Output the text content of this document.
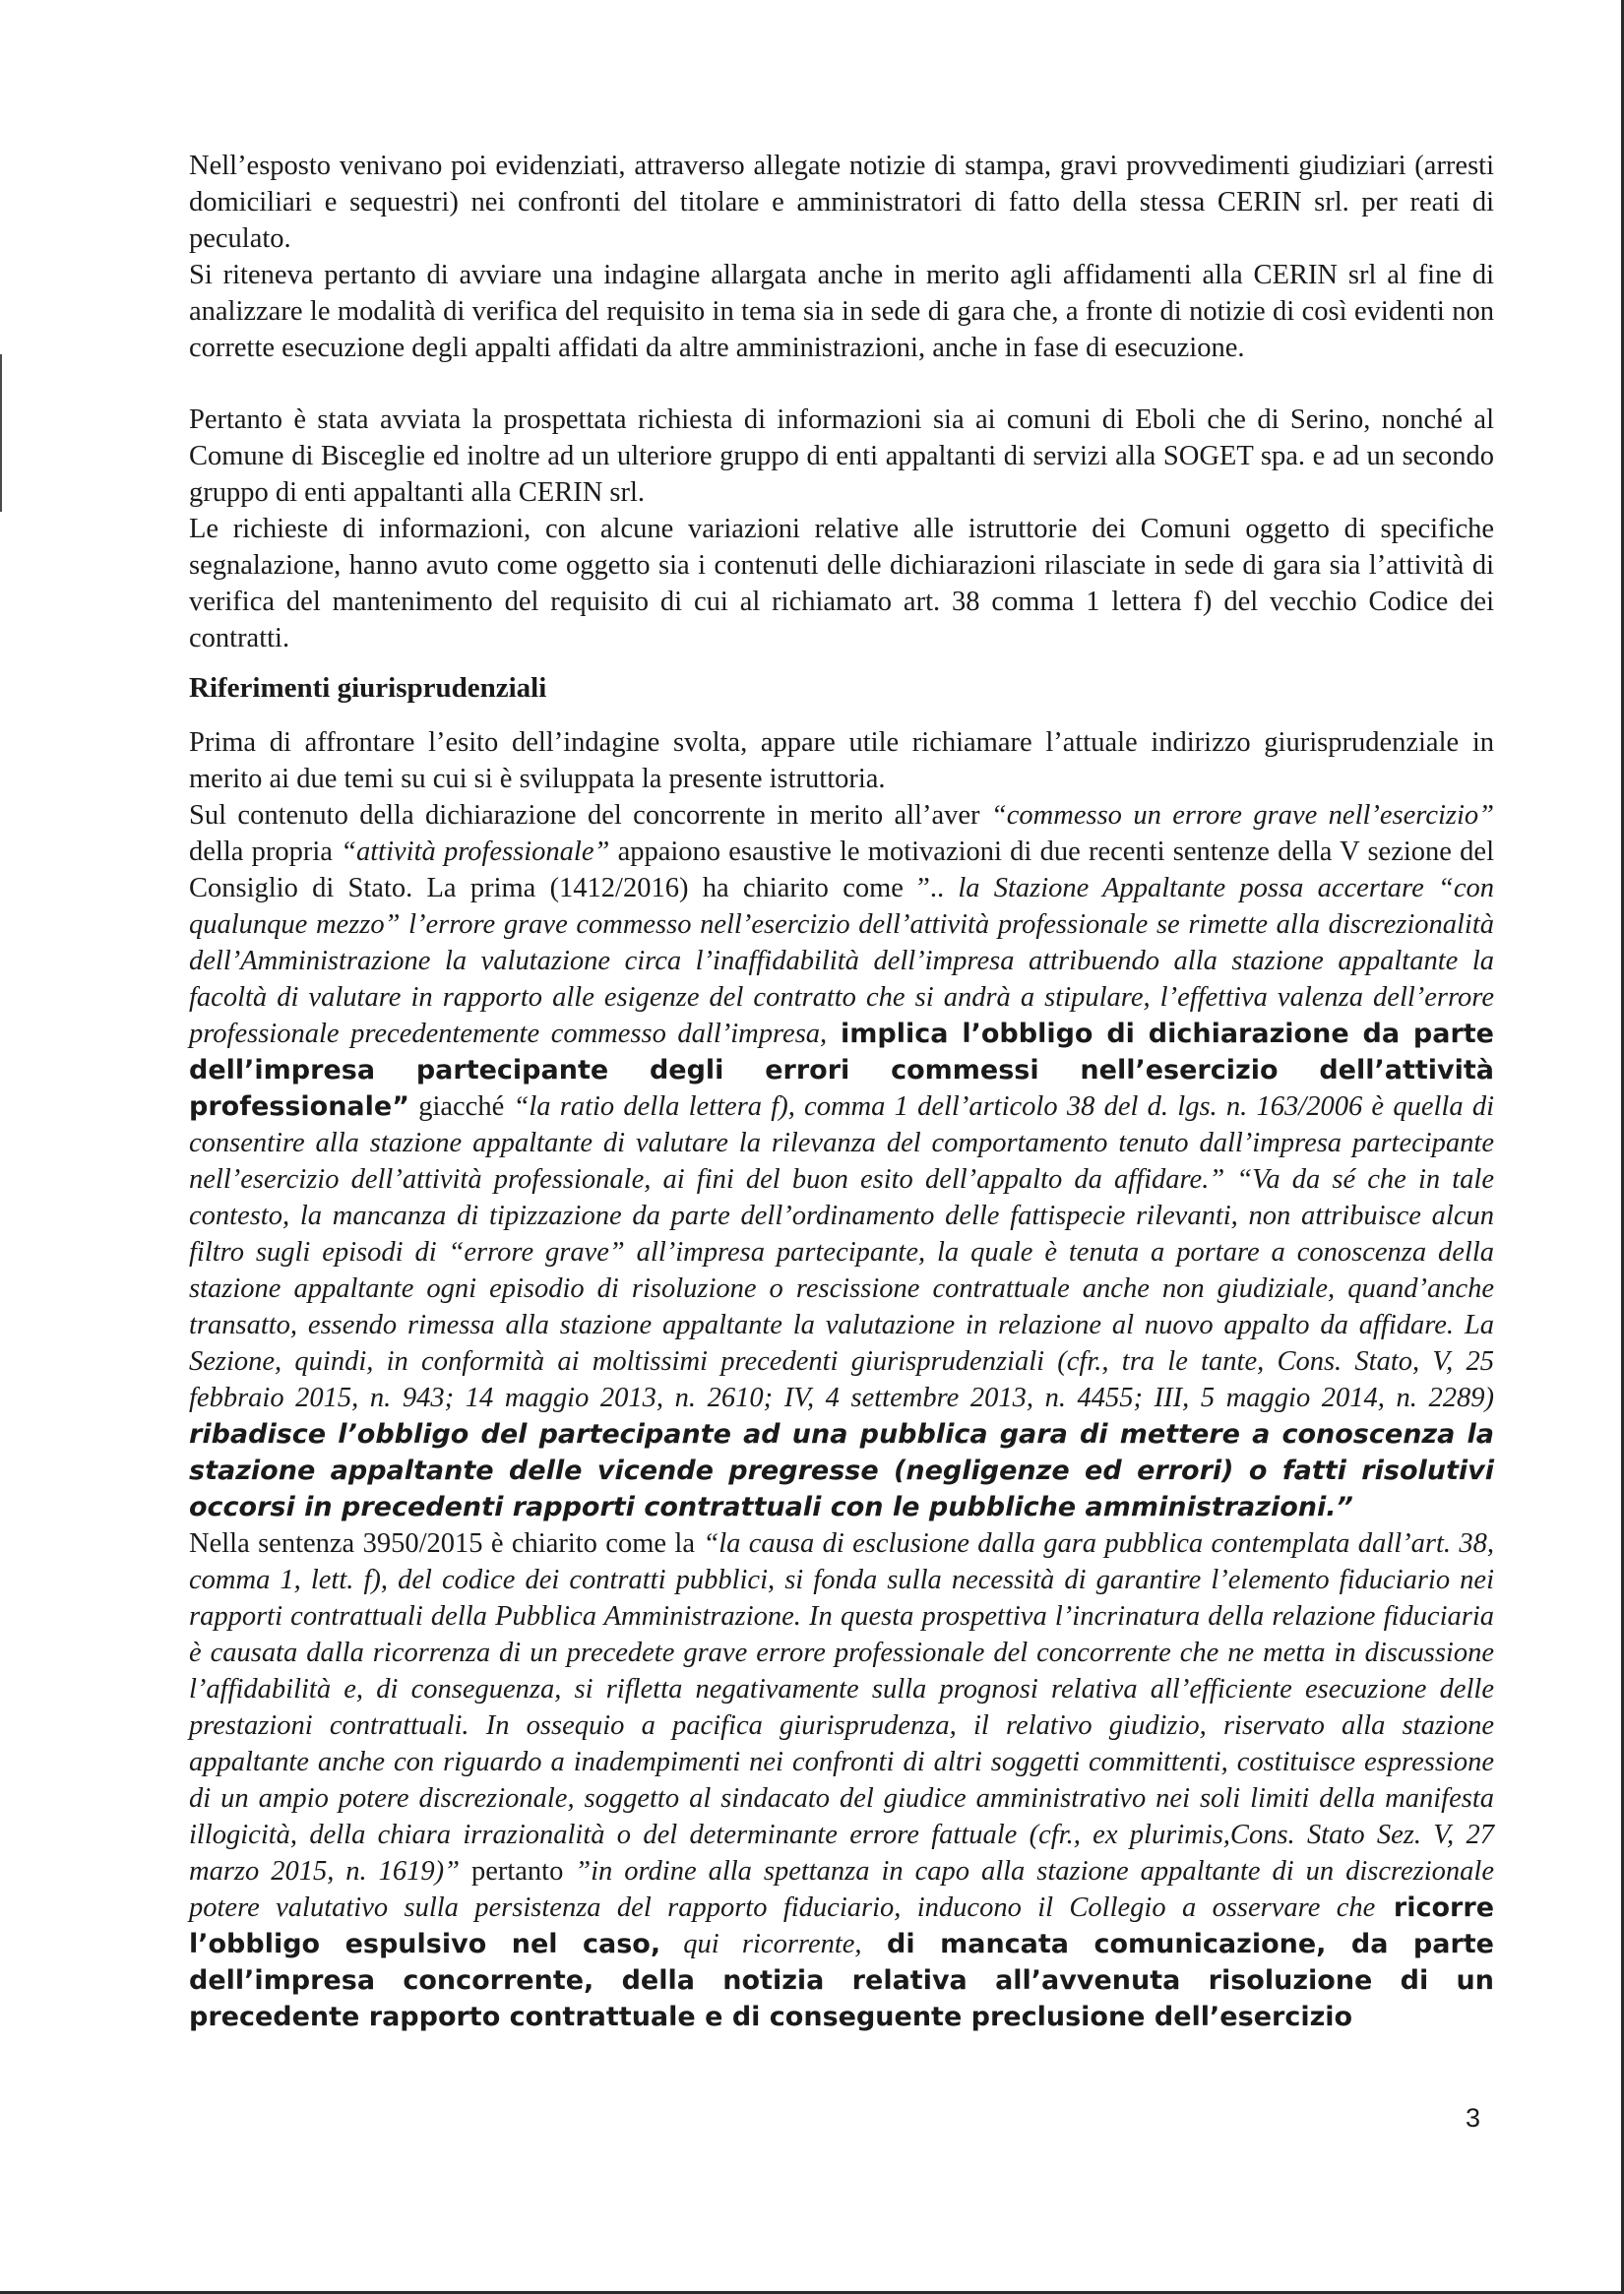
Nell’esposto venivano poi evidenziati, attraverso allegate notizie di stampa, gravi provvedimenti giudiziari (arresti domiciliari e sequestri) nei confronti del titolare e amministratori di fatto della stessa CERIN srl. per reati di peculato.

Si riteneva pertanto di avviare una indagine allargata anche in merito agli affidamenti alla CERIN srl al fine di analizzare le modalità di verifica del requisito in tema sia in sede di gara che, a fronte di notizie di così evidenti non corrette esecuzione degli appalti affidati da altre amministrazioni, anche in fase di esecuzione.

Pertanto è stata avviata la prospettata richiesta di informazioni sia ai comuni di Eboli che di Serino, nonché al Comune di Bisceglie ed inoltre ad un ulteriore gruppo di enti appaltanti di servizi alla SOGET spa. e ad un secondo gruppo di enti appaltanti alla CERIN srl.

Le richieste di informazioni, con alcune variazioni relative alle istruttorie dei Comuni oggetto di specifiche segnalazione, hanno avuto come oggetto sia i contenuti delle dichiarazioni rilasciate in sede di gara sia l’attività di verifica del mantenimento del requisito di cui al richiamato art. 38 comma 1 lettera f) del vecchio Codice dei contratti.

Riferimenti giurisprudenziali

Prima di affrontare l’esito dell’indagine svolta, appare utile richiamare l’attuale indirizzo giurisprudenziale in merito ai due temi su cui si è sviluppata la presente istruttoria.

Sul contenuto della dichiarazione del concorrente in merito all’aver “commesso un errore grave nell’esercizio” della propria “attività professionale” appaiono esaustive le motivazioni di due recenti sentenze della V sezione del Consiglio di Stato. La prima (1412/2016) ha chiarito come ”.. la Stazione Appaltante possa accertare “con qualunque mezzo” l’errore grave commesso nell’esercizio dell’attività professionale se rimette alla discrezionalità dell’Amministrazione la valutazione circa l’inaffidabilità dell’impresa attribuendo alla stazione appaltante la facoltà di valutare in rapporto alle esigenze del contratto che si andrà a stipulare, l’effettiva valenza dell’errore professionale precedentemente commesso dall’impresa, implica l’obbligo di dichiarazione da parte dell’impresa partecipante degli errori commessi nell’esercizio dell’attività professionale” giacché “la ratio della lettera f), comma 1 dell’articolo 38 del d. lgs. n. 163/2006 è quella di consentire alla stazione appaltante di valutare la rilevanza del comportamento tenuto dall’impresa partecipante nell’esercizio dell’attività professionale, ai fini del buon esito dell’appalto da affidare.” “Va da sé che in tale contesto, la mancanza di tipizzazione da parte dell’ordinamento delle fattispecie rilevanti, non attribuisce alcun filtro sugli episodi di “errore grave” all’impresa partecipante, la quale è tenuta a portare a conoscenza della stazione appaltante ogni episodio di risoluzione o rescissione contrattuale anche non giudiziale, quand’anche transatto, essendo rimessa alla stazione appaltante la valutazione in relazione al nuovo appalto da affidare. La Sezione, quindi, in conformità ai moltissimi precedenti giurisprudenziali (cfr., tra le tante, Cons. Stato, V, 25 febbraio 2015, n. 943; 14 maggio 2013, n. 2610; IV, 4 settembre 2013, n. 4455; III, 5 maggio 2014, n. 2289) ribadisce l’obbligo del partecipante ad una pubblica gara di mettere a conoscenza la stazione appaltante delle vicende pregresse (negligenze ed errori) o fatti risolutivi occorsi in precedenti rapporti contrattuali con le pubbliche amministrazioni.”

Nella sentenza 3950/2015 è chiarito come la “la causa di esclusione dalla gara pubblica contemplata dall’art. 38, comma 1, lett. f), del codice dei contratti pubblici, si fonda sulla necessità di garantire l’elemento fiduciario nei rapporti contrattuali della Pubblica Amministrazione. In questa prospettiva l’incrinatura della relazione fiduciaria è causata dalla ricorrenza di un precedete grave errore professionale del concorrente che ne metta in discussione l’affidabilità e, di conseguenza, si rifletta negativamente sulla prognosi relativa all’efficiente esecuzione delle prestazioni contrattuali. In ossequio a pacifica giurisprudenza, il relativo giudizio, riservato alla stazione appaltante anche con riguardo a inadempimenti nei confronti di altri soggetti committenti, costituisce espressione di un ampio potere discrezionale, soggetto al sindacato del giudice amministrativo nei soli limiti della manifesta illogicità, della chiara irrazionalità o del determinante errore fattuale (cfr., ex plurimis,Cons. Stato Sez. V, 27 marzo 2015, n. 1619)” pertanto ”in ordine alla spettanza in capo alla stazione appaltante di un discrezionale potere valutativo sulla persistenza del rapporto fiduciario, inducono il Collegio a osservare che ricorre l’obbligo espulsivo nel caso, qui ricorrente, di mancata comunicazione, da parte dell’impresa concorrente, della notizia relativa all’avvenuta risoluzione di un precedente rapporto contrattuale e di conseguente preclusione dell’esercizio

3
